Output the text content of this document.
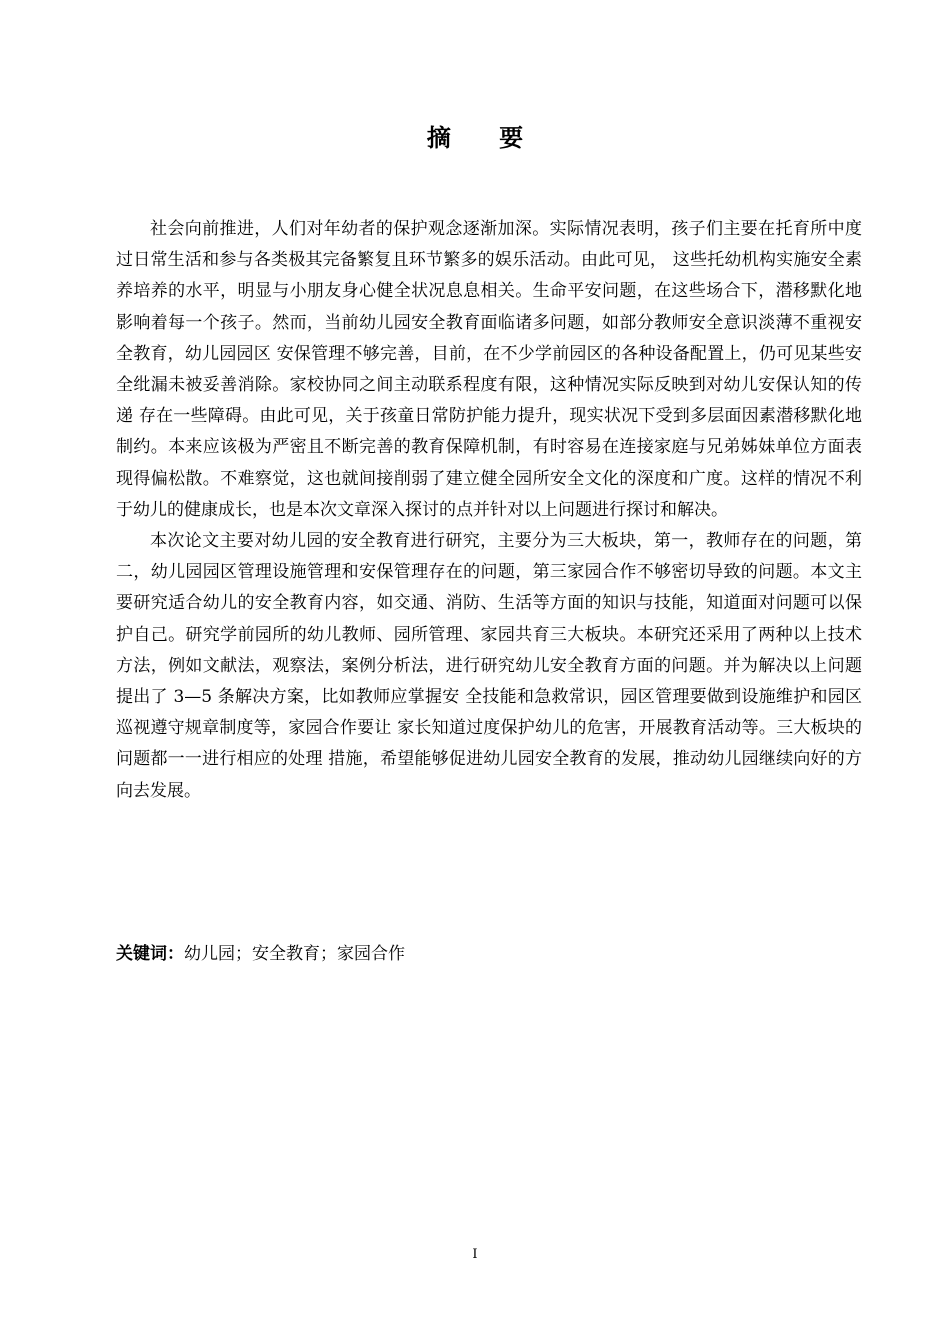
摘 要

社会向前推进，人们对年幼者的保护观念逐渐加深。实际情况表明，孩子们主要在托育所中度过日常生活和参与各类极其完备繁复且环节繁多的娱乐活动。由此可见， 这些托幼机构实施安全素养培养的水平，明显与小朋友身心健全状况息息相关。生命平安问题，在这些场合下，潜移默化地影响着每一个孩子。然而，当前幼儿园安全教育面临诸多问题，如部分教师安全意识淡薄不重视安全教育，幼儿园园区 安保管理不够完善，目前，在不少学前园区的各种设备配置上，仍可见某些安全纰漏未被妥善消除。家校协同之间主动联系程度有限，这种情况实际反映到对幼儿安保认知的传递 存在一些障碍。由此可见，关于孩童日常防护能力提升，现实状况下受到多层面因素潜移默化地制约。本来应该极为严密且不断完善的教育保障机制，有时容易在连接家庭与兄弟姊妹单位方面表现得偏松散。不难察觉，这也就间接削弱了建立健全园所安全文化的深度和广度。这样的情况不利于幼儿的健康成长，也是本次文章深入探讨的点并针对以上问题进行探讨和解决。

本次论文主要对幼儿园的安全教育进行研究，主要分为三大板块，第一，教师存在的问题，第二，幼儿园园区管理设施管理和安保管理存在的问题，第三家园合作不够密切导致的问题。本文主要研究适合幼儿的安全教育内容，如交通、消防、生活等方面的知识与技能，知道面对问题可以保护自己。研究学前园所的幼儿教师、园所管理、家园共育三大板块。本研究还采用了两种以上技术方法，例如文献法，观察法，案例分析法，进行研究幼儿安全教育方面的问题。并为解决以上问题提出了 3—5 条解决方案，比如教师应掌握安 全技能和急救常识，园区管理要做到设施维护和园区巡视遵守规章制度等，家园合作要让 家长知道过度保护幼儿的危害，开展教育活动等。三大板块的问题都一一进行相应的处理 措施，希望能够促进幼儿园安全教育的发展，推动幼儿园继续向好的方向去发展。

关键词：幼儿园；安全教育；家园合作
I
